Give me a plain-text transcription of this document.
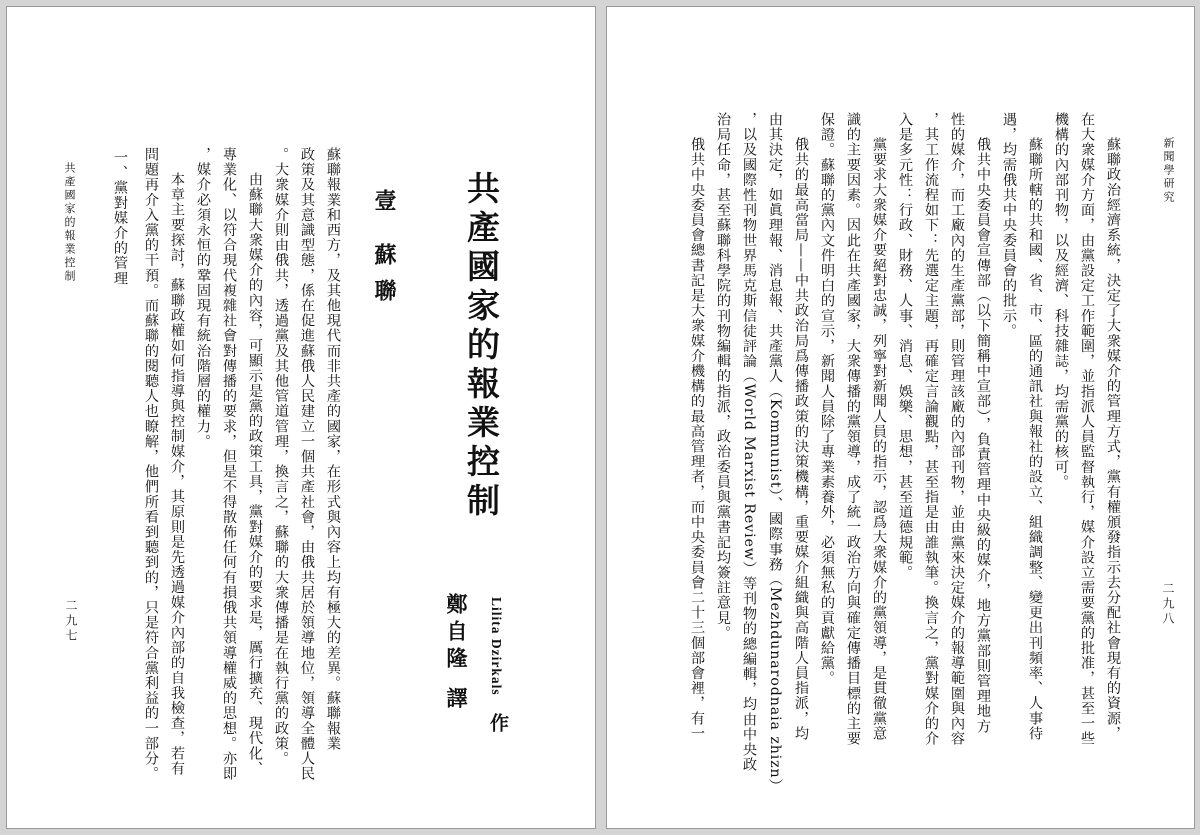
共產國家的報業控制	一、黨對媒介的管理
二九七	問題再介入黨的干預。而蘇聯的閱聽人也瞭解，他們所看到聽到的，只是符合黨利益的一部分。 本章主要探討，蘇聯政權如何指導與控制媒介，其原則是先透過媒介內部的自我檢查，若有 ，媒介必須永恒的鞏固現有統治階層的權力。 專業化、以符合現代複雜社會對傳播的要求，但是不得散佈任何有損俄共領導權威的思想。亦即 由蘇聯大衆媒介的內容，可顯示是黨的政策工具，黨對媒介的要求是，厲行擴充、現代化、 。大衆媒介則由俄共，透過黨及其他管道管理，換言之，蘇聯的大衆傳播是在執行黨的政策。 政策及其意識型態，係在促進蘇俄人民建立一個共產社會，由俄共居於領導地位，領導全體人民 蘇聯報業和西方，及其他現代而非共產的國家，在形式與內容上均有極大的差異。蘇聯報業 壹
蘇聯 共產國家的報業控制
鄭自隆
譯
Lilita Dzirkals
作
新聞學研究
二九八
蘇聯政治經濟系統，決定了大衆媒介的管理方式，黨有權頒發指示去分配社會現有的資源，
在大衆媒介方面，由黨設定工作範圍，並指派人員監督執行，媒介設立需要黨的批准，甚至一些
機構的內部刊物，以及經濟、科技雜誌，均需黨的核可。
蘇聯所轄的共和國、省、市、區的通訊社與報社的設立、組織調整、變更出刊頻率、人事待
遇，均需俄共中央委員會的批示。
俄共中央委員會宣傳部（以下簡稱中宣部），負責管理中央級的媒介，地方黨部則管理地方
性的媒介，而工廠內的生產黨部，則管理該廠的內部刊物，並由黨來決定媒介的報導範圍與內容
，其工作流程如下：先選定主題，再確定言論觀點，甚至指是由誰執筆。換言之，黨對媒介的介
入是多元性：行政、財務、人事、消息、娛樂、思想，甚至道德規範。
黨要求大衆媒介要絕對忠誠，列寧對新聞人員的指示，認爲大衆媒介的黨領導，是貫徹黨意
識的主要因素。因此在共產國家，大衆傳播的黨領導，成了統一政治方向與確定傳播目標的主要
保證。蘇聯的黨內文件明白的宣示，新聞人員除了專業素養外，必須無私的貢獻給黨。
俄共的最高當局——中共政治局爲傳播政策的決策機構，重要媒介組織與高階人員指派，均
由其決定，如眞理報、消息報、共產黨人（Kommunist）、國際事務（Mezhdunarodnaia zhizn）
，以及國際性刊物世界馬克斯信徒評論（World Marxist Review）等刊物的總編輯，均由中央政
治局任命，甚至蘇聯科學院的刊物編輯的指派，政治委員與黨書記均簽註意見。
俄共中央委員會總書記是大衆媒介機構的最高管理者，而中央委員會二十三個部會裡，有一
